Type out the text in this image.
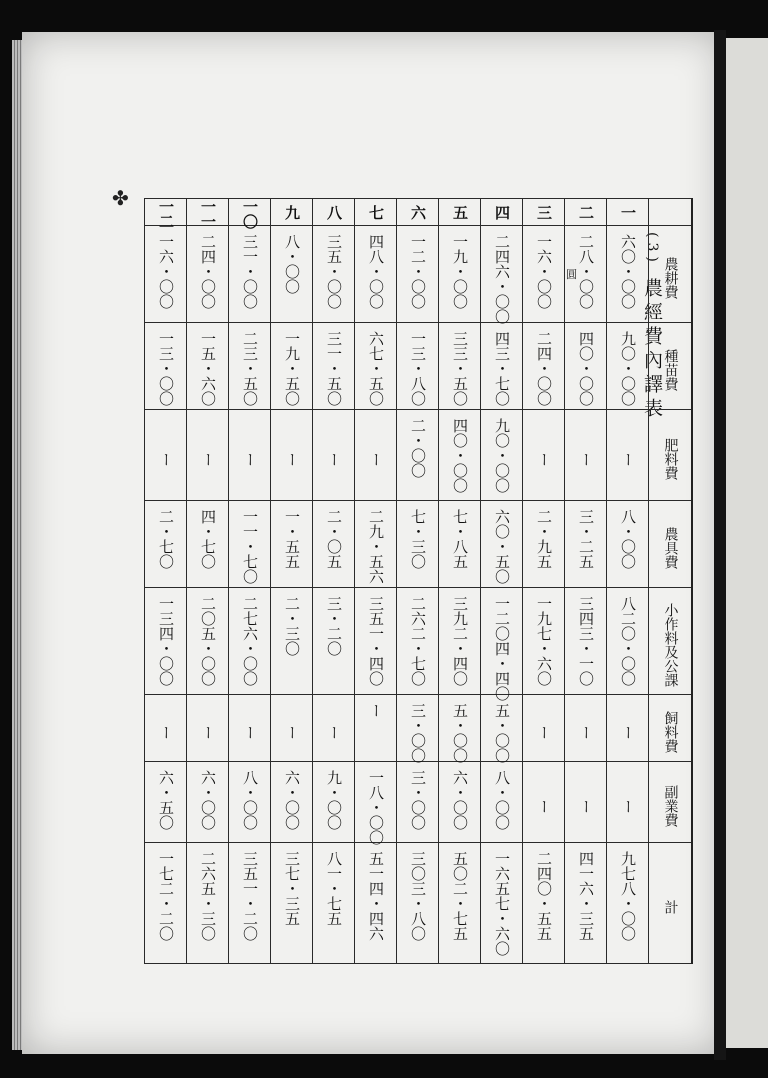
✤
(3) 農經費內譯表
一二	一一	一〇	九	八	七	六	五	四	三	二	一	
一六・〇〇	二四・〇〇	三一・〇〇	八・〇〇	三五・〇〇	四八・〇〇	一二・〇〇	一九・〇〇	二四六・〇〇	一六・〇〇	二八・〇〇	六〇・〇〇	農耕費
一三・〇〇	一五・六〇	二三・五〇	一九・五〇	三一・五〇	六七・五〇	一三・八〇	三三・五〇	四三・七〇	二四・〇〇	四〇・〇〇	九〇・〇〇	種苗費
ー	ー	ー	ー	ー	ー	二・〇〇	四〇・〇〇	九〇・〇〇	ー	ー	ー	肥料費
二・七〇	四・七〇	一一・七〇	一・五五	二・〇五	二九・五六	七・三〇	七・八五	六〇・五〇	二・九五	三・二五	八・〇〇	農具費
一三四・〇〇	二〇五・〇〇	二七六・〇〇	二・三〇	三・二〇	三五一・四〇	二六二・七〇	三九二・四〇	一二〇四・四〇	一九七・六〇	三四三・一〇	八二〇・〇〇	小作料及公課
ー	ー	ー	ー	ー	ー	三・〇〇	五・〇〇	五・〇〇	ー	ー	ー	飼料費
六・五〇	六・〇〇	八・〇〇	六・〇〇	九・〇〇	一八・〇〇	三・〇〇	六・〇〇	八・〇〇	ー	ー	ー	副業費
一七二・二〇	二六五・三〇	三五一・二〇	三七・三五	八一・七五	五一四・四六	三〇三・八〇	五〇二・七五	一六五七・六〇	二四〇・五五	四一六・三五	九七八・〇〇	計
圓
